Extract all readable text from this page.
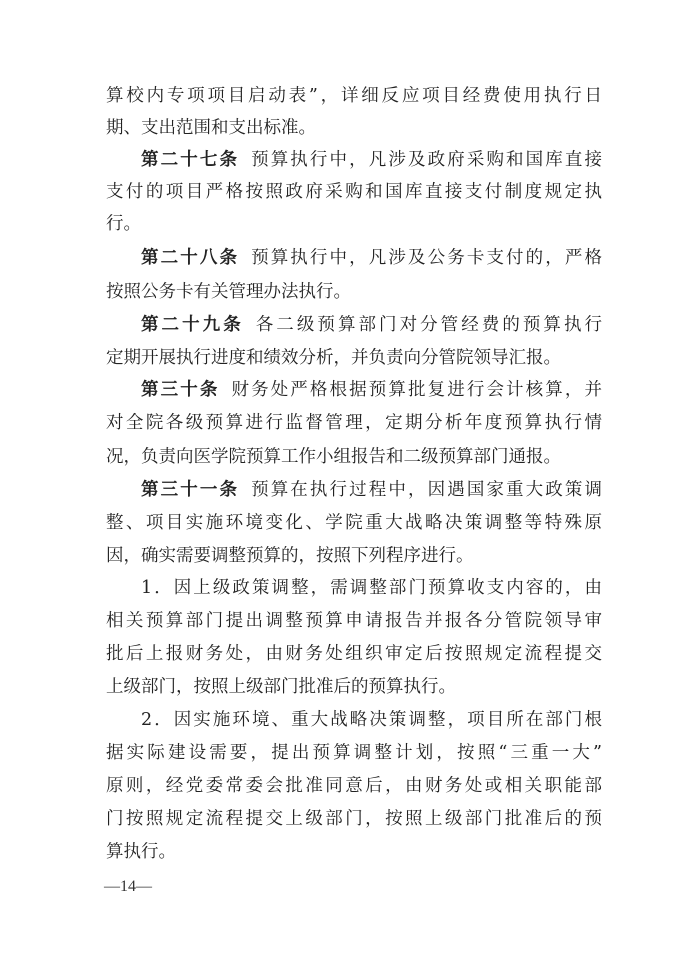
算校内专项项目启动表”，详细反应项目经费使用执行日
期、支出范围和支出标准。
第二十七条 预算执行中，凡涉及政府采购和国库直接
支付的项目严格按照政府采购和国库直接支付制度规定执
行。
第二十八条 预算执行中，凡涉及公务卡支付的，严格
按照公务卡有关管理办法执行。
第二十九条 各二级预算部门对分管经费的预算执行
定期开展执行进度和绩效分析，并负责向分管院领导汇报。
第三十条 财务处严格根据预算批复进行会计核算，并
对全院各级预算进行监督管理，定期分析年度预算执行情
况，负责向医学院预算工作小组报告和二级预算部门通报。
第三十一条 预算在执行过程中，因遇国家重大政策调
整、项目实施环境变化、学院重大战略决策调整等特殊原
因，确实需要调整预算的，按照下列程序进行。
1．因上级政策调整，需调整部门预算收支内容的，由
相关预算部门提出调整预算申请报告并报各分管院领导审
批后上报财务处，由财务处组织审定后按照规定流程提交
上级部门，按照上级部门批准后的预算执行。
2．因实施环境、重大战略决策调整，项目所在部门根
据实际建设需要，提出预算调整计划，按照“三重一大”
原则，经党委常委会批准同意后，由财务处或相关职能部
门按照规定流程提交上级部门，按照上级部门批准后的预
算执行。
—14—
